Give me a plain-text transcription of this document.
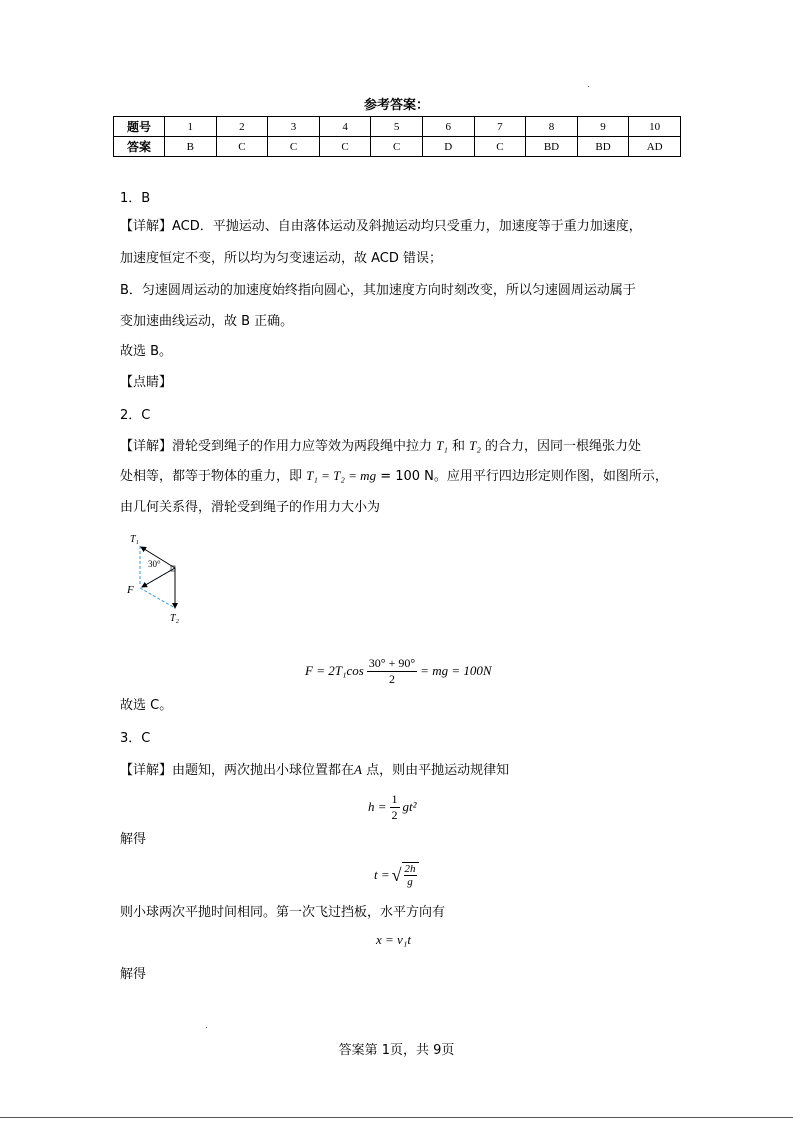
参考答案：
题号	1	2	3	4	5	6	7	8	9	10
答案	B	C	C	C	C	D	C	BD	BD	AD
1．B
【详解】ACD．平抛运动、自由落体运动及斜抛运动均只受重力，加速度等于重力加速度，
加速度恒定不变，所以均为匀变速运动，故 ACD 错误；
B．匀速圆周运动的加速度始终指向圆心，其加速度方向时刻改变，所以匀速圆周运动属于
变加速曲线运动，故 B 正确。
故选 B。
【点睛】
2．C
【详解】滑轮受到绳子的作用力应等效为两段绳中拉力 T₁ 和 T₂ 的合力，因同一根绳张力处
处相等，都等于物体的重力，即 T₁ = T₂ = mg = 100 N。应用平行四边形定则作图，如图所示，
由几何关系得，滑轮受到绳子的作用力大小为
T₁
30°
F
T₂
$F = 2T_1\cos \frac{30^\circ + 90^\circ}{2}$ = mg = 100N
故选 C。
3．C
【详解】由题知，两次抛出小球位置都在A 点，则由平抛运动规律知
$h = \frac{1}{2} gt^2$
解得
t = √ $\frac{2h}{g}$
则小球两次平抛时间相同。第一次飞过挡板，水平方向有
x = v₁t
解得
答案第 1页，共 9页
